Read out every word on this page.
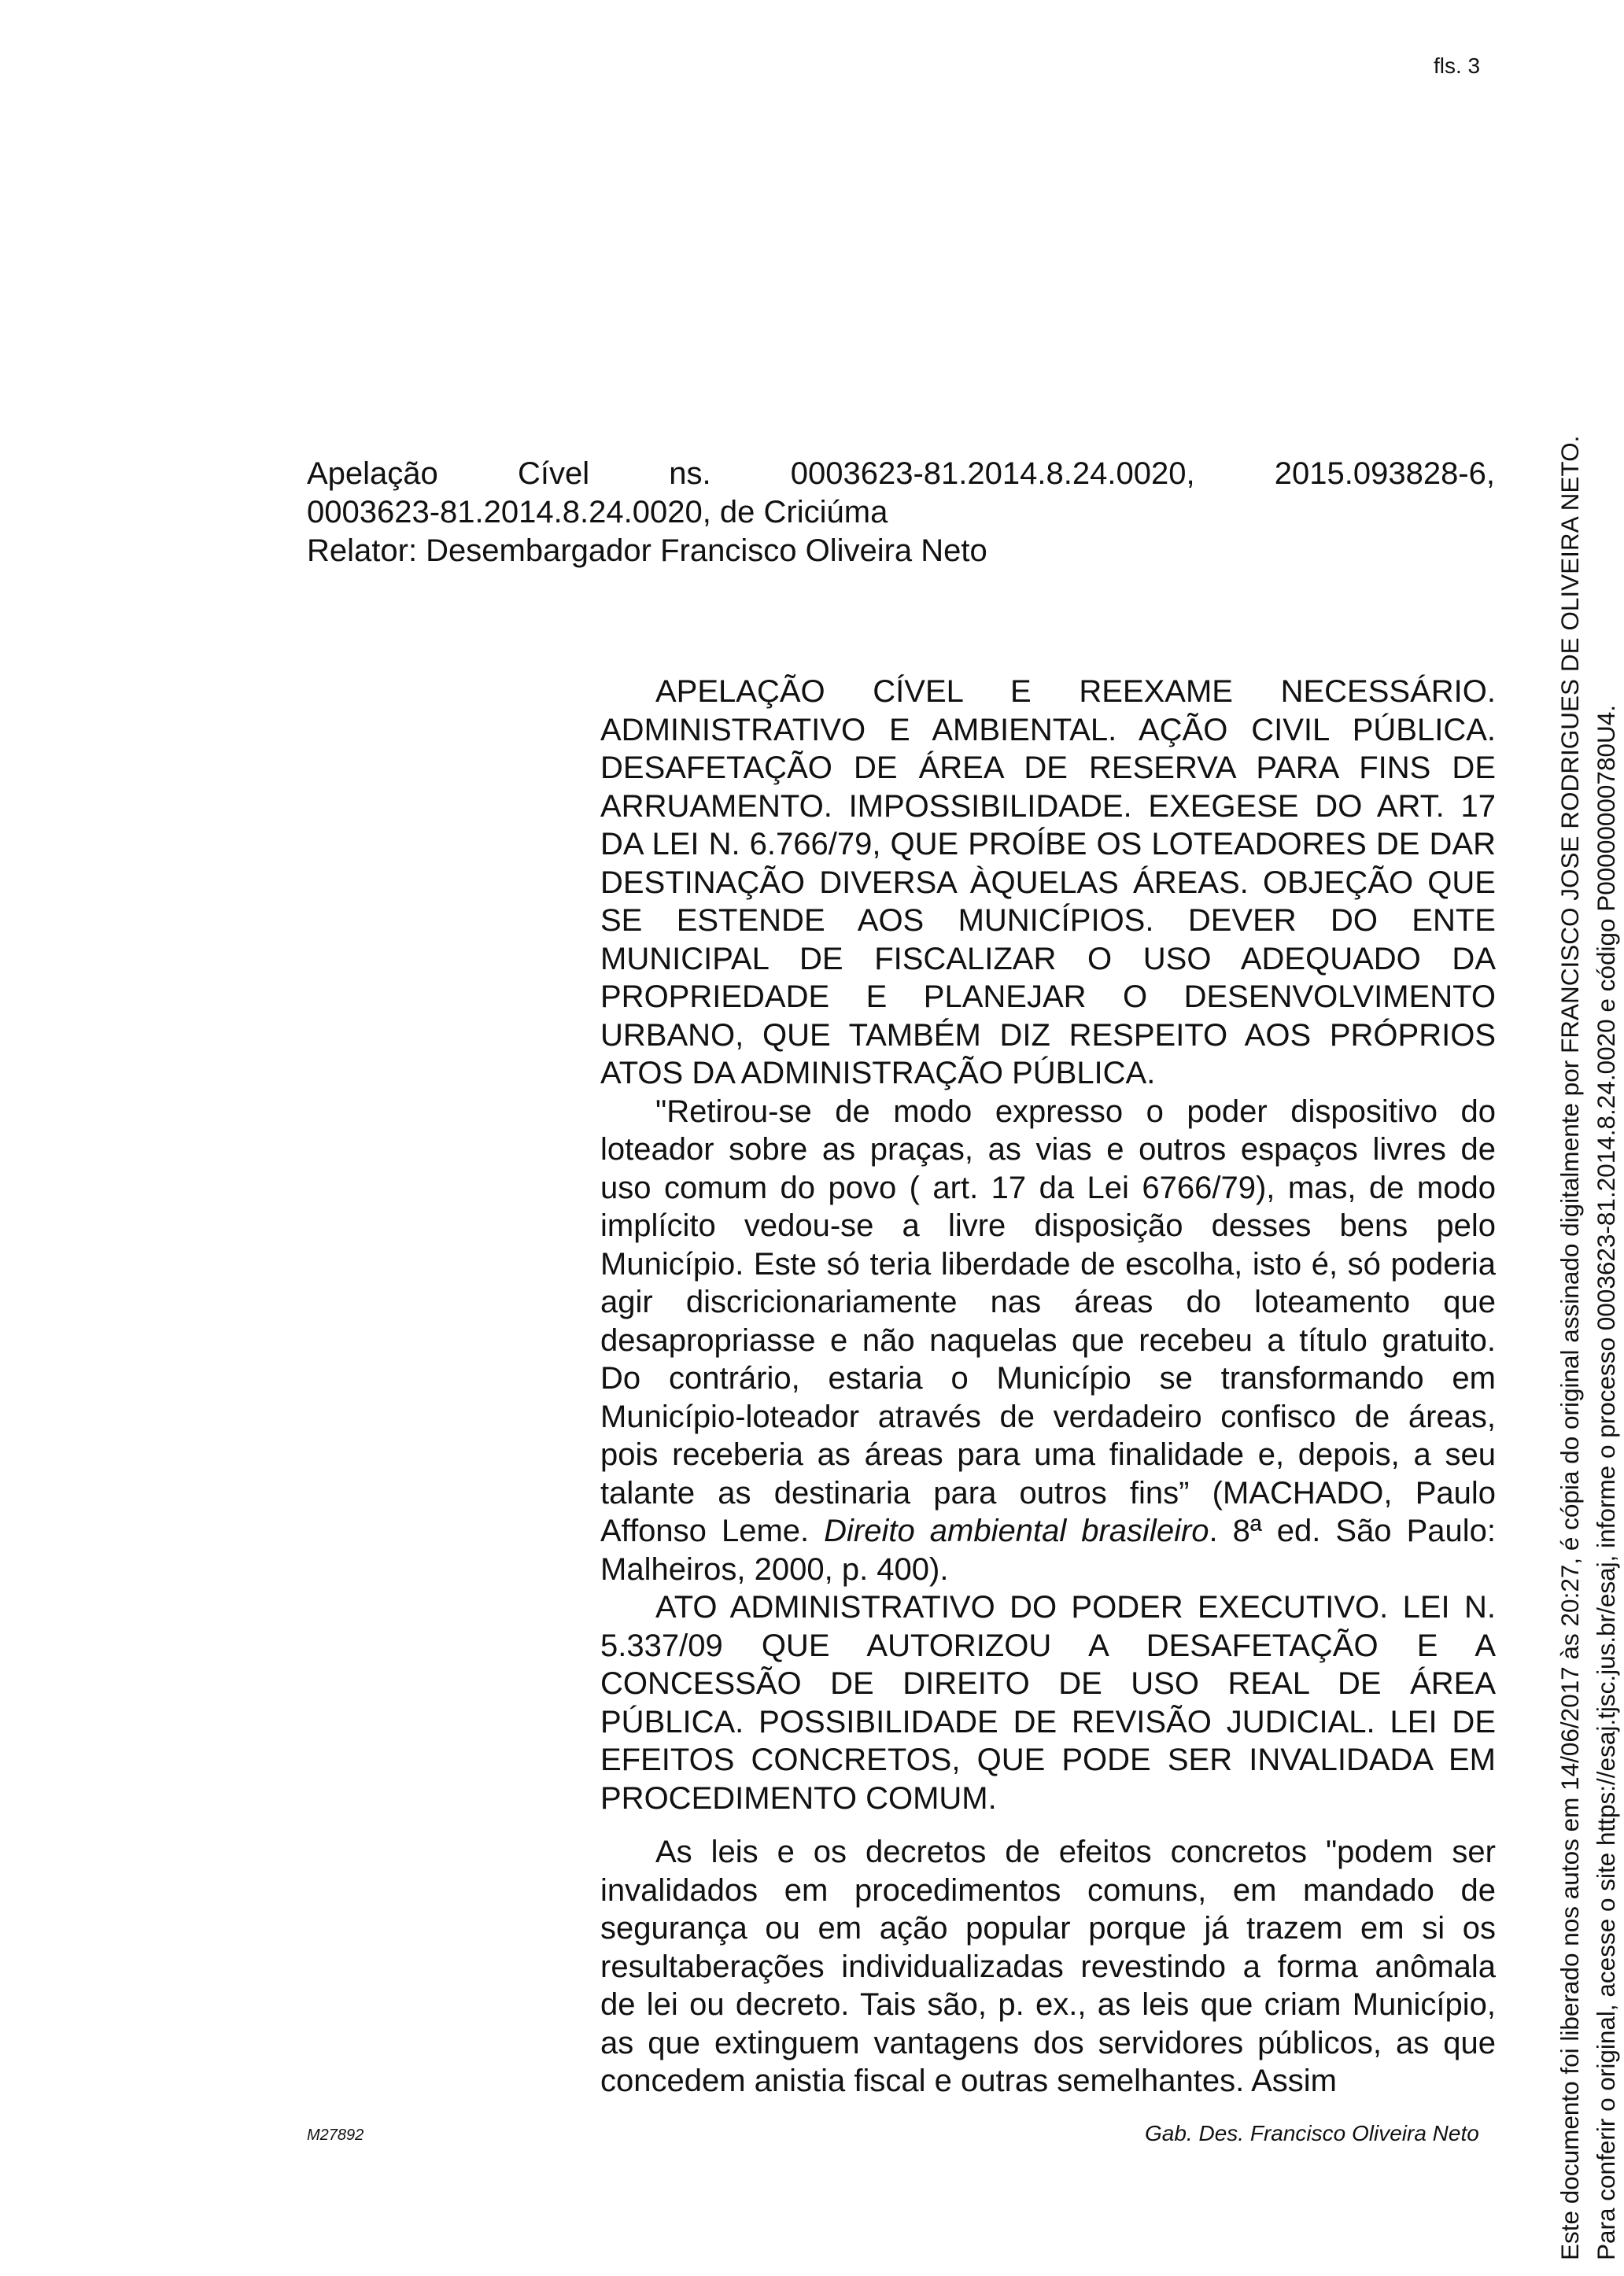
fls. 3
Apelação	Cível	ns.	0003623-81.2014.8.24.0020,	2015.093828-6,
0003623-81.2014.8.24.0020, de Criciúma
Relator: Desembargador Francisco Oliveira Neto

APELAÇÃO CÍVEL E REEXAME NECESSÁRIO. ADMINISTRATIVO E AMBIENTAL. AÇÃO CIVIL PÚBLICA. DESAFETAÇÃO DE ÁREA DE RESERVA PARA FINS DE ARRUAMENTO. IMPOSSIBILIDADE. EXEGESE DO ART. 17 DA LEI N. 6.766/79, QUE PROÍBE OS LOTEADORES DE DAR DESTINAÇÃO DIVERSA ÀQUELAS ÁREAS. OBJEÇÃO QUE SE ESTENDE AOS MUNICÍPIOS. DEVER DO ENTE MUNICIPAL DE FISCALIZAR O USO ADEQUADO DA PROPRIEDADE E PLANEJAR O DESENVOLVIMENTO URBANO, QUE TAMBÉM DIZ RESPEITO AOS PRÓPRIOS ATOS DA ADMINISTRAÇÃO PÚBLICA.

"Retirou-se de modo expresso o poder dispositivo do loteador sobre as praças, as vias e outros espaços livres de uso comum do povo ( art. 17 da Lei 6766/79), mas, de modo implícito vedou-se a livre disposição desses bens pelo Município. Este só teria liberdade de escolha, isto é, só poderia agir discricionariamente nas áreas do loteamento que desapropriasse e não naquelas que recebeu a título gratuito. Do contrário, estaria o Município se transformando em Município-loteador através de verdadeiro confisco de áreas, pois receberia as áreas para uma finalidade e, depois, a seu talante as destinaria para outros fins” (MACHADO, Paulo Affonso Leme. Direito ambiental brasileiro. 8ª ed. São Paulo: Malheiros, 2000, p. 400).

ATO ADMINISTRATIVO DO PODER EXECUTIVO. LEI N. 5.337/09 QUE AUTORIZOU A DESAFETAÇÃO E A CONCESSÃO DE DIREITO DE USO REAL DE ÁREA PÚBLICA. POSSIBILIDADE DE REVISÃO JUDICIAL. LEI DE EFEITOS CONCRETOS, QUE PODE SER INVALIDADA EM PROCEDIMENTO COMUM.

As leis e os decretos de efeitos concretos "podem ser invalidados em procedimentos comuns, em mandado de segurança ou em ação popular porque já trazem em si os resultaberações individualizadas revestindo a forma anômala de lei ou decreto. Tais são, p. ex., as leis que criam Município, as que extinguem vantagens dos servidores públicos, as que concedem anistia fiscal e outras semelhantes. Assim

M27892	Gab. Des. Francisco Oliveira Neto	Este documento foi liberado nos autos em 14/06/2017 às 20:27, é cópia do original assinado digitalmente por FRANCISCO JOSE RODRIGUES DE OLIVEIRA NETO. Para conferir o original, acesse o site https://esaj.tjsc.jus.br/esaj, informe o processo 0003623-81.2014.8.24.0020 e código P00000000780U4.
